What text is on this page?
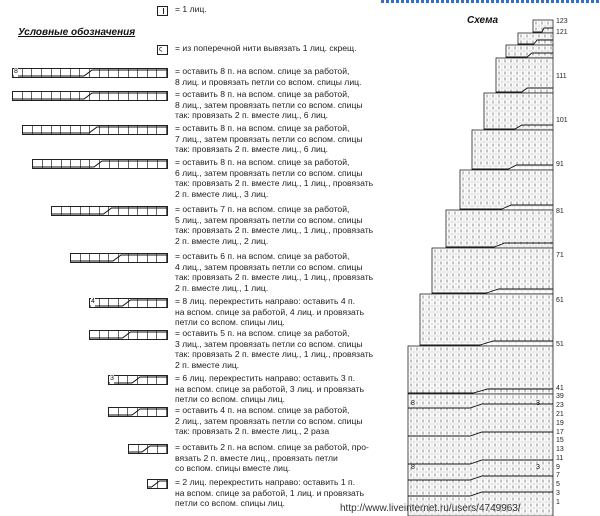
Условные обозначения
Схема
= 1 лиц.
ς = из поперечной нити вывязать 1 лиц. скрещ.
8	= оставить 8 п. на вспом. спице за работой,
8 лиц. и провязать петли со вспом. спицы лиц.
= оставить 8 п. на вспом. спице за работой,
8 лиц., затем провязать петли со вспом. спицы
так: провязать 2 п. вместе лиц., 6 лиц.
= оставить 8 п. на вспом. спице за работой,
7 лиц., затем провязать петли со вспом. спицы
так: провязать 2 п. вместе лиц., 6 лиц.
= оставить 8 п. на вспом. спице за работой,
6 лиц., затем провязать петли со вспом. спицы
так: провязать 2 п. вместе лиц., 1 лиц., провязать
2 п. вместе лиц., 3 лиц.
= оставить 7 п. на вспом. спице за работой,
5 лиц., затем провязать петли со вспом. спицы
так: провязать 2 п. вместе лиц., 1 лиц., провязать
2 п. вместе лиц., 2 лиц.
= оставить 6 п. на вспом. спице за работой,
4 лиц., затем провязать петли со вспом. спицы
так: провязать 2 п. вместе лиц., 1 лиц., провязать
2 п. вместе лиц., 1 лиц.
4	= 8 лиц. перекрестить направо: оставить 4 п.
на вспом. спице за работой, 4 лиц. и провязать
петли со вспом. спицы лиц.
= оставить 5 п. на вспом. спице за работой,
3 лиц., затем провязать петли со вспом. спицы
так: провязать 2 п. вместе лиц., 1 лиц., провязать
2 п. вместе лиц.
3	= 6 лиц. перекрестить направо: оставить 3 п.
на вспом. спице за работой, 3 лиц. и провязать
петли со вспом. спицы лиц.
= оставить 4 п. на вспом. спице за работой,
2 лиц., затем провязать петли со вспом. спицы
так: провязать 2 п. вместе лиц., 2 раза
= оставить 2 п. на вспом. спице за работой, про-
вязать 2 п. вместе лиц., провязать петли
со вспом. спицы вместе лиц.
= 2 лиц. перекрестить направо: оставить 1 п.
на вспом. спице за работой, 1 лиц. и провязать
петли со вспом. спицы лиц.
8
8
3
3
123
121
111
101
91
81
71
61
51
41
39
23
21
19
17
15
13
11
9
7
5
3
1
http://www.liveinternet.ru/users/4749963/
